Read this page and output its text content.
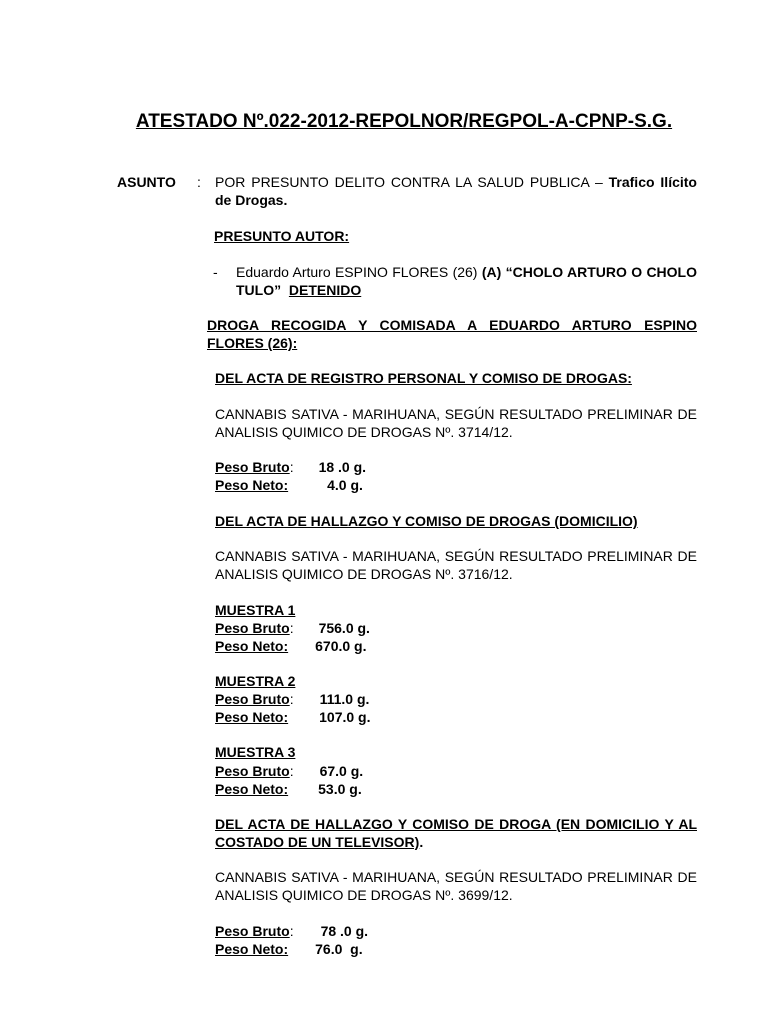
ATESTADO Nº.022-2012-REPOLNOR/REGPOL-A-CPNP-S.G.
ASUNTO : POR PRESUNTO DELITO CONTRA LA SALUD PUBLICA – Trafico Ilícito de Drogas.
PRESUNTO AUTOR:
- Eduardo Arturo ESPINO FLORES (26) (A) “CHOLO ARTURO O CHOLO TULO” DETENIDO
DROGA RECOGIDA Y COMISADA A EDUARDO ARTURO ESPINO FLORES (26):
DEL ACTA DE REGISTRO PERSONAL Y COMISO DE DROGAS:
CANNABIS SATIVA - MARIHUANA, SEGÚN RESULTADO PRELIMINAR DE ANALISIS QUIMICO DE DROGAS Nº. 3714/12.
Peso Bruto: 18 .0 g.
Peso Neto:	4.0 g.
DEL ACTA DE HALLAZGO Y COMISO DE DROGAS (DOMICILIO)
CANNABIS SATIVA - MARIHUANA, SEGÚN RESULTADO PRELIMINAR DE ANALISIS QUIMICO DE DROGAS Nº. 3716/12.
MUESTRA 1
Peso Bruto: 756.0 g.
Peso Neto: 670.0 g.
MUESTRA 2
Peso Bruto: 111.0 g.
Peso Neto: 107.0 g.
MUESTRA 3
Peso Bruto: 67.0 g.
Peso Neto: 53.0 g.
DEL ACTA DE HALLAZGO Y COMISO DE DROGA (EN DOMICILIO Y AL COSTADO DE UN TELEVISOR).
CANNABIS SATIVA - MARIHUANA, SEGÚN RESULTADO PRELIMINAR DE ANALISIS QUIMICO DE DROGAS Nº. 3699/12.
Peso Bruto: 78 .0 g.
Peso Neto: 76.0  g.
